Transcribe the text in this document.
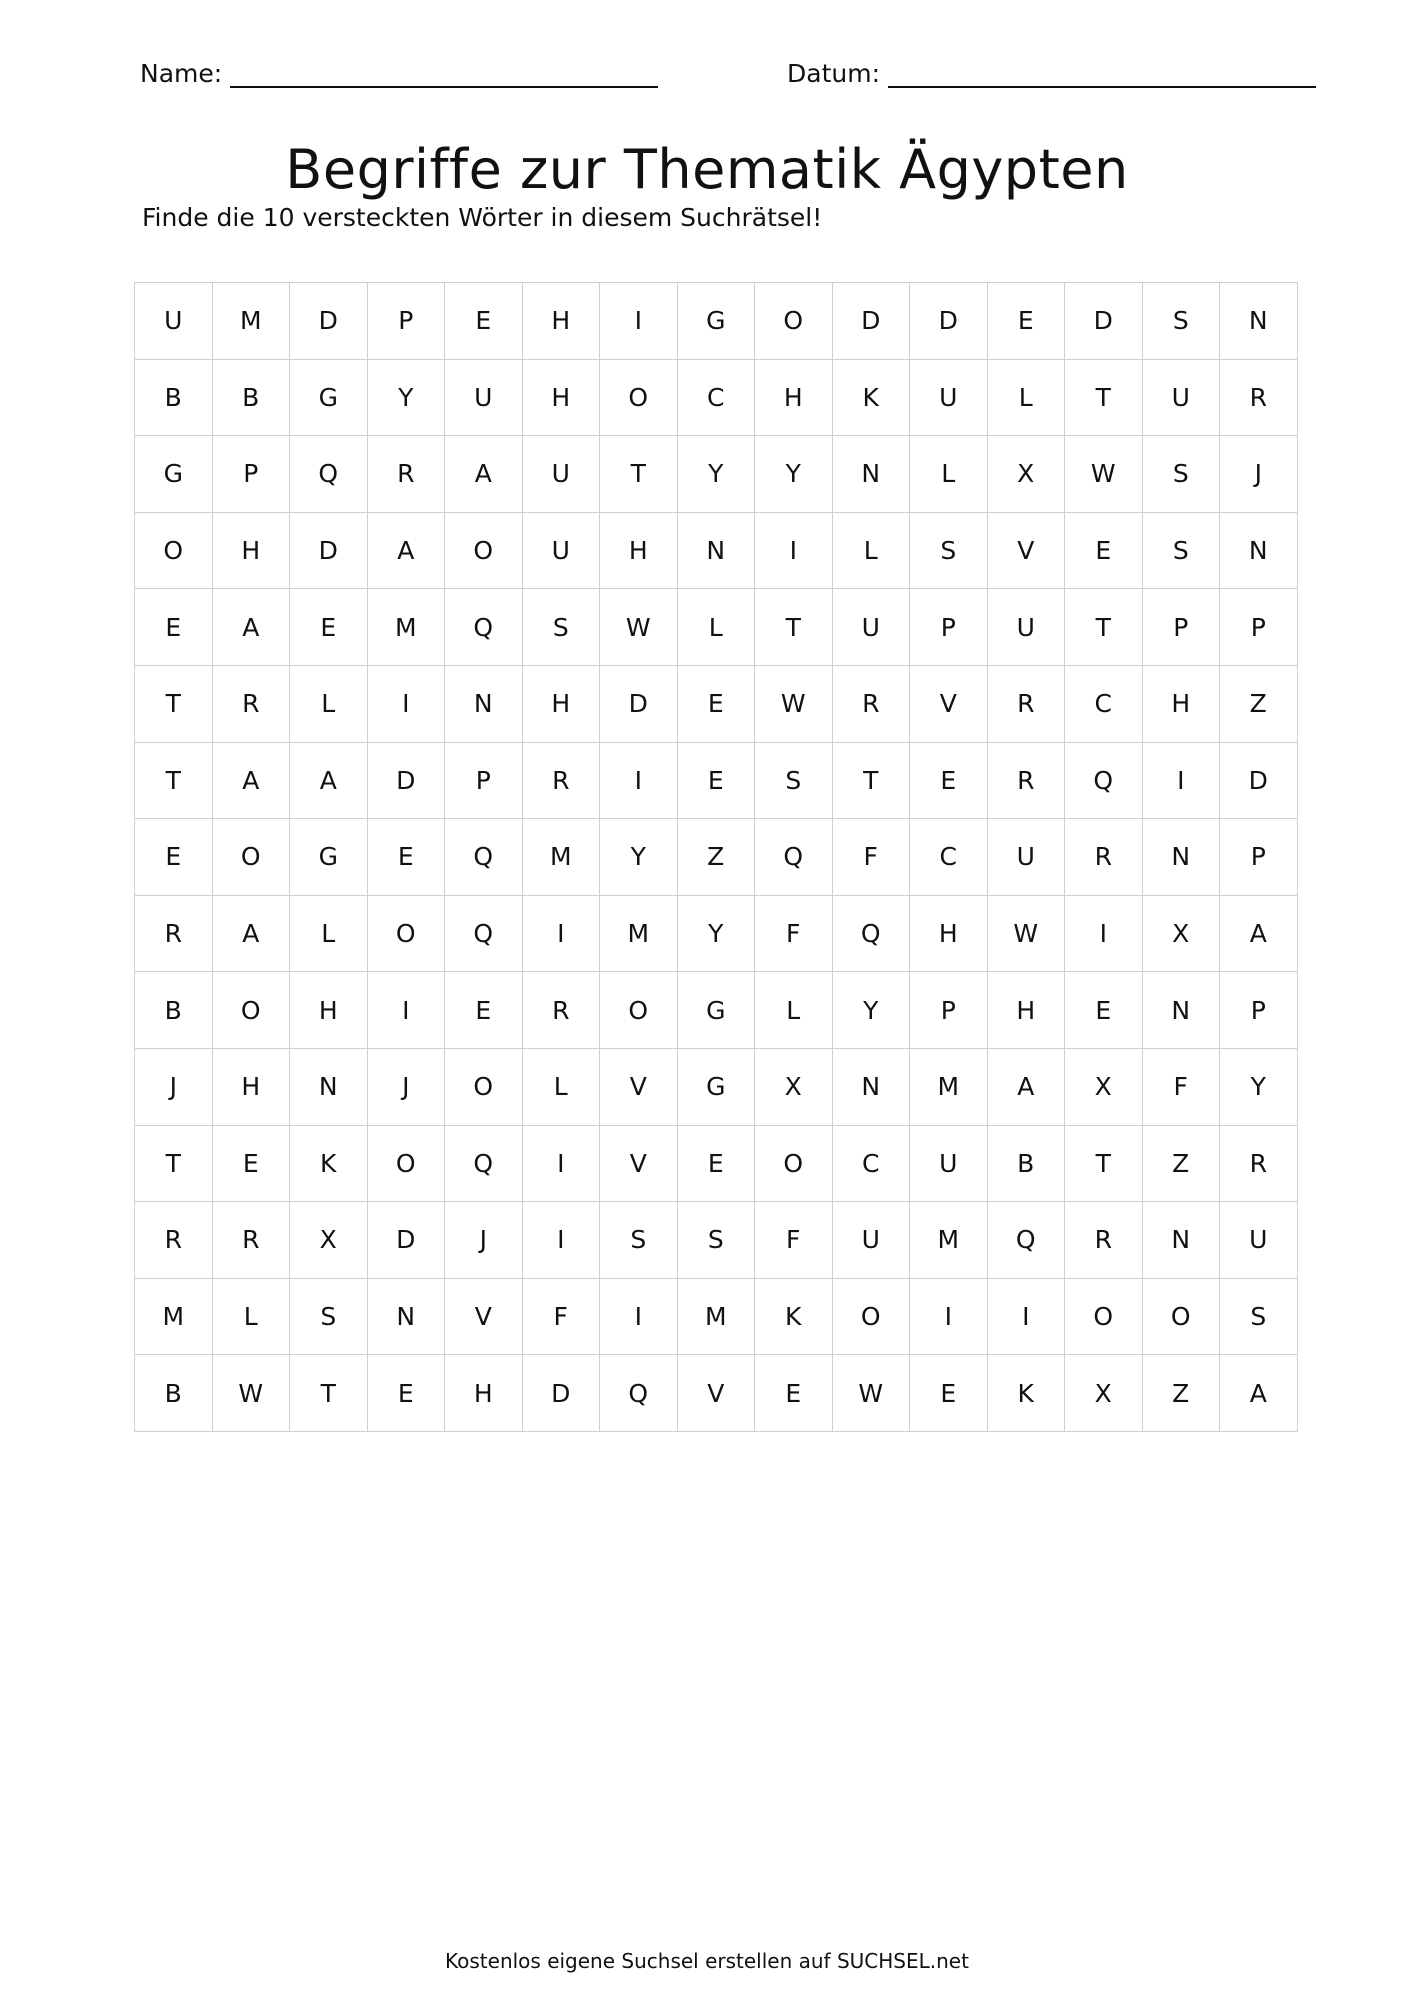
Name:	Datum:
Begriffe zur Thematik Ägypten

Finde die 10 versteckten Wörter in diesem Suchrätsel!

U	M	D	P	E	H	I	G	O	D	D	E	D	S	N
B	B	G	Y	U	H	O	C	H	K	U	L	T	U	R
G	P	Q	R	A	U	T	Y	Y	N	L	X	W	S	J
O	H	D	A	O	U	H	N	I	L	S	V	E	S	N
E	A	E	M	Q	S	W	L	T	U	P	U	T	P	P
T	R	L	I	N	H	D	E	W	R	V	R	C	H	Z
T	A	A	D	P	R	I	E	S	T	E	R	Q	I	D
E	O	G	E	Q	M	Y	Z	Q	F	C	U	R	N	P
R	A	L	O	Q	I	M	Y	F	Q	H	W	I	X	A
B	O	H	I	E	R	O	G	L	Y	P	H	E	N	P
J	H	N	J	O	L	V	G	X	N	M	A	X	F	Y
T	E	K	O	Q	I	V	E	O	C	U	B	T	Z	R
R	R	X	D	J	I	S	S	F	U	M	Q	R	N	U
M	L	S	N	V	F	I	M	K	O	I	I	O	O	S
B	W	T	E	H	D	Q	V	E	W	E	K	X	Z	A
Kostenlos eigene Suchsel erstellen auf SUCHSEL.net
